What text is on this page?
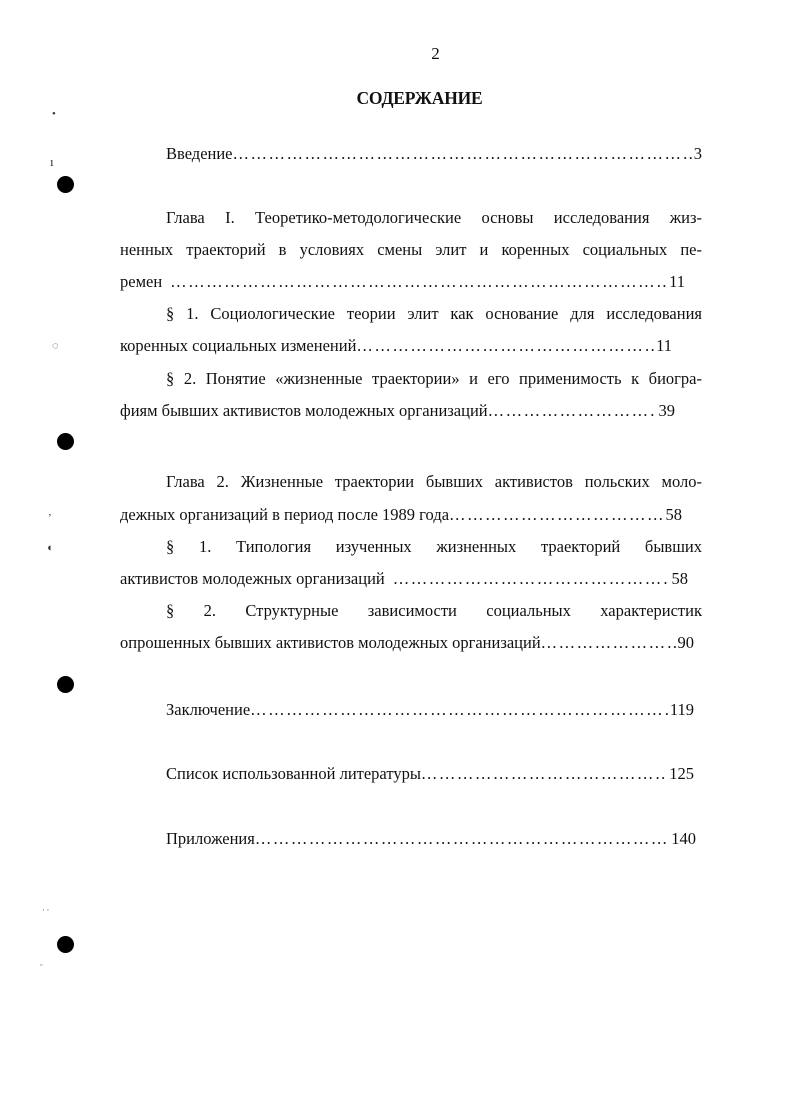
2
СОДЕРЖАНИЕ
Введение ………………………………………………………………………………………………………………	3
Глава I. Теоретико-методологические основы исследования жиз-
ненных траекторий в условиях смены элит и коренных социальных пе-
ремен ………………………………………………………………………………………………………………	11
§ 1. Социологические теории элит как основание для исследования
коренных социальных изменений ………………………………………………………………………………………………………………	11
§ 2. Понятие «жизненные траектории» и его применимость к биогра-
фиям бывших активистов молодежных организаций ………………………………………………………………………………………………………………	39
Глава 2. Жизненные траектории бывших активистов польских моло-
дежных организаций в период после 1989 года ………………………………………………………………………………………………………………	58
§ 1. Типология изученных жизненных траекторий бывших
активистов молодежных организаций ………………………………………………………………………………………………………………	58
§ 2. Структурные зависимости социальных характеристик
опрошенных бывших активистов молодежных организаций ………………………………………………………………………………………………………………	90
Заключение ………………………………………………………………………………………………………………	119
Список использованной литературы ………………………………………………………………………………………………………………	125
Приложения ………………………………………………………………………………………………………………	140
•
ı
◌
ʼ
◖
· ·
ᵕ
